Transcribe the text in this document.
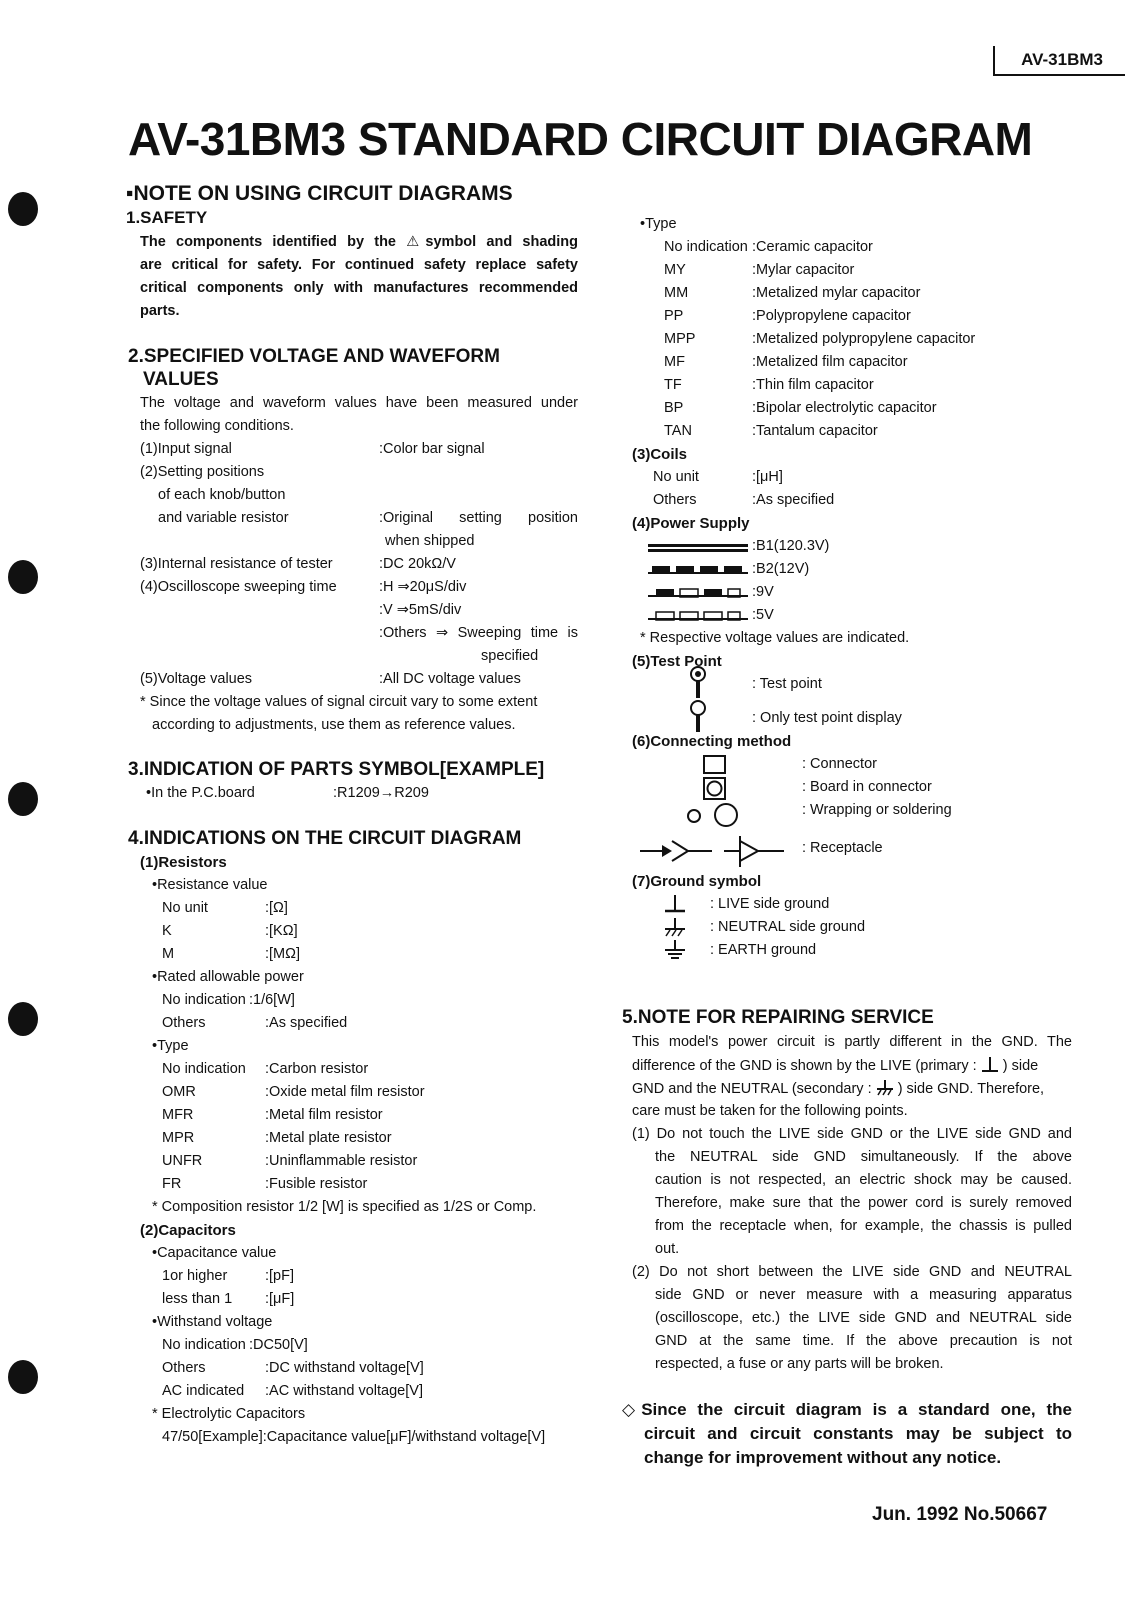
AV-31BM3
AV-31BM3 STANDARD CIRCUIT DIAGRAM
▪NOTE ON USING CIRCUIT DIAGRAMS
1.SAFETY
The components identified by the ⚠symbol and shading
are critical for safety. For continued safety replace safety
critical components only with manufactures recommended
parts.
2.SPECIFIED VOLTAGE AND WAVEFORM
VALUES
The voltage and waveform values have been measured under
the following conditions.
(1)Input signal	:Color bar signal
(2)Setting positions
of each knob/button
and variable resistor	:Original setting position
when shipped
(3)Internal resistance of tester	:DC 20kΩ/V
(4)Oscilloscope sweeping time	:H ⇒20μS/div
:V ⇒5mS/div
:Others ⇒ Sweeping time is
specified
(5)Voltage values	:All DC voltage values
* Since the voltage values of signal circuit vary to some extent
according to adjustments, use them as reference values.
3.INDICATION OF PARTS SYMBOL[EXAMPLE]
•In the P.C.board	:R1209→R209
4.INDICATIONS ON THE CIRCUIT DIAGRAM
(1)Resistors
•Resistance value
No unit	:[Ω]
K	:[KΩ]
M	:[MΩ]
•Rated allowable power
No indication :1/6[W]
Others	:As specified
•Type
No indication :Carbon resistor
OMR	:Oxide metal film resistor
MFR	:Metal film resistor
MPR	:Metal plate resistor
UNFR	:Uninflammable resistor
FR	:Fusible resistor
* Composition resistor 1/2 [W] is specified as 1/2S or Comp.
(2)Capacitors
•Capacitance value
1or higher	:[pF]
less than 1 :[μF]
•Withstand voltage
No indication :DC50[V]
Others	:DC withstand voltage[V]
AC indicated :AC withstand voltage[V]
* Electrolytic Capacitors
47/50[Example]:Capacitance value[μF]/withstand voltage[V]
•Type
No indication :Ceramic capacitor
MY	:Mylar capacitor
MM	:Metalized mylar capacitor
PP	:Polypropylene capacitor
MPP	:Metalized polypropylene capacitor
MF	:Metalized film capacitor
TF	:Thin film capacitor
BP	:Bipolar electrolytic capacitor
TAN	:Tantalum capacitor
(3)Coils
No unit	:[μH]
Others	:As specified
(4)Power Supply
:B1(120.3V)
:B2(12V)
:9V
:5V
* Respective voltage values are indicated.
(5)Test Point
: Test point
: Only test point display
(6)Connecting method
: Connector
: Board in connector
: Wrapping or soldering
: Receptacle
(7)Ground symbol
: LIVE side ground
: NEUTRAL side ground
: EARTH ground
5.NOTE FOR REPAIRING SERVICE
This model's power circuit is partly different in the GND. The
difference of the GND is shown by the LIVE (primary : ) side
GND and the NEUTRAL (secondary : ) side GND. Therefore,
care must be taken for the following points.
(1) Do not touch the LIVE side GND or the LIVE side GND and
the NEUTRAL side GND simultaneously. If the above
caution is not respected, an electric shock may be caused.
Therefore, make sure that the power cord is surely removed
from the receptacle when, for example, the chassis is pulled
out.
(2) Do not short between the LIVE side GND and NEUTRAL
side GND or never measure with a measuring apparatus
(oscilloscope, etc.) the LIVE side GND and NEUTRAL side
GND at the same time. If the above precaution is not
respected, a fuse or any parts will be broken.
◇Since the circuit diagram is a standard one, the
circuit and circuit constants may be subject to
change for improvement without any notice.
Jun. 1992 No.50667
